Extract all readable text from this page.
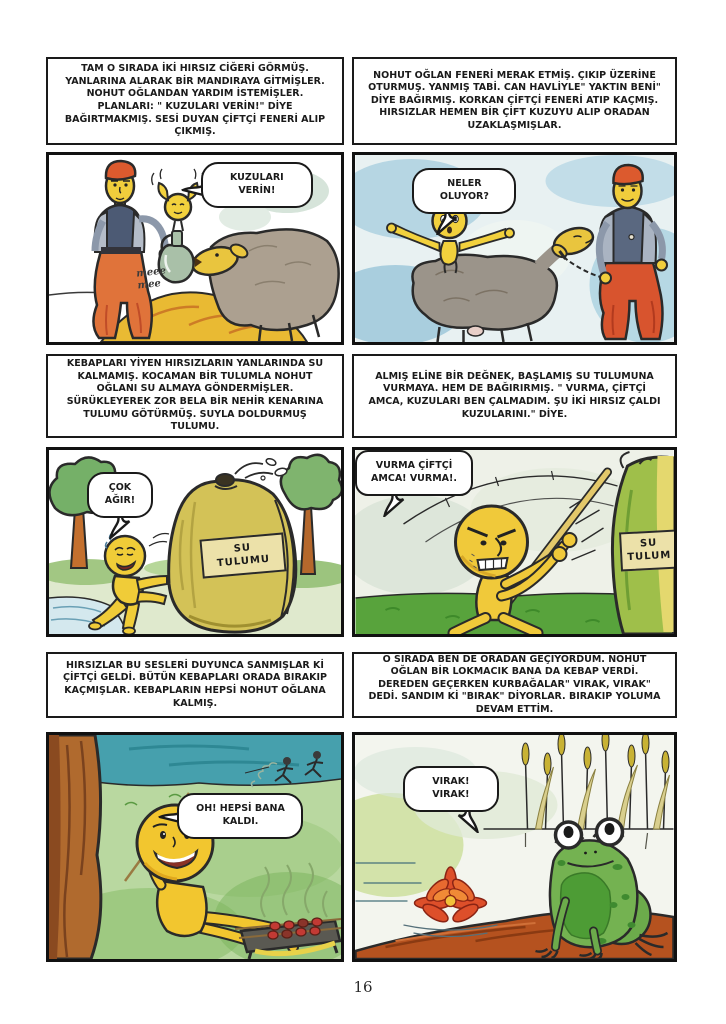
TAM O SIRADA İKİ HIRSIZ CİĞERİ GÖRMÜŞ. YANLARINA ALARAK BİR MANDIRAYA GİTMİŞLER. NOHUT OĞLANDAN YARDIM İSTEMİŞLER. PLANLARI: " KUZULARI VERİN!" DİYE BAĞIRTMAKMIŞ. SESİ DUYAN ÇİFTÇİ FENERİ ALIP ÇIKMIŞ.
KUZULARI VERİN!
meee
mee
NOHUT OĞLAN FENERİ MERAK ETMİŞ. ÇIKIP ÜZERİNE OTURMUŞ. YANMIŞ TABİ. CAN HAVLİYLE" YAKTIN BENİ" DİYE BAĞIRMIŞ. KORKAN ÇİFTÇİ FENERİ ATIP KAÇMIŞ. HIRSIZLAR HEMEN BİR ÇİFT KUZUYU ALIP ORADAN UZAKLAŞMIŞLAR.
NELER OLUYOR?
KEBAPLARI YİYEN HIRSIZLARIN YANLARINDA SU KALMAMIŞ. KOCAMAN BİR TULUMLA NOHUT OĞLANI SU ALMAYA GÖNDERMİŞLER. SÜRÜKLEYEREK ZOR BELA BİR NEHİR KENARINA TULUMU GÖTÜRMÜŞ. SUYLA DOLDURMUŞ TULUMU.
SU TULUMU
ÇOK AĞIR!
ALMIŞ ELİNE BİR DEĞNEK, BAŞLAMIŞ SU TULUMUNA VURMAYA. HEM DE BAĞIRIRMIŞ. " VURMA, ÇİFTÇİ AMCA, KUZULARI BEN ÇALMADIM. ŞU İKİ HIRSIZ ÇALDI KUZULARINI." DİYE.
SU TULUM
VURMA ÇİFTÇİ AMCA! VURMA!.
HIRSIZLAR BU SESLERİ DUYUNCA SANMIŞLAR Kİ ÇİFTÇİ GELDİ. BÜTÜN KEBAPLARI ORADA BIRAKIP KAÇMIŞLAR. KEBAPLARIN HEPSİ NOHUT OĞLANA KALMIŞ.
OH! HEPSİ BANA KALDI.
O SIRADA BEN DE ORADAN GEÇİYORDUM. NOHUT OĞLAN BİR LOKMACIK BANA DA KEBAP VERDİ. DEREDEN GEÇERKEN KURBAĞALAR" VIRAK, VIRAK" DEDİ. SANDIM Kİ "BIRAK" DİYORLAR. BIRAKIP YOLUMA DEVAM ETTİM.
VIRAK! VIRAK!
16
